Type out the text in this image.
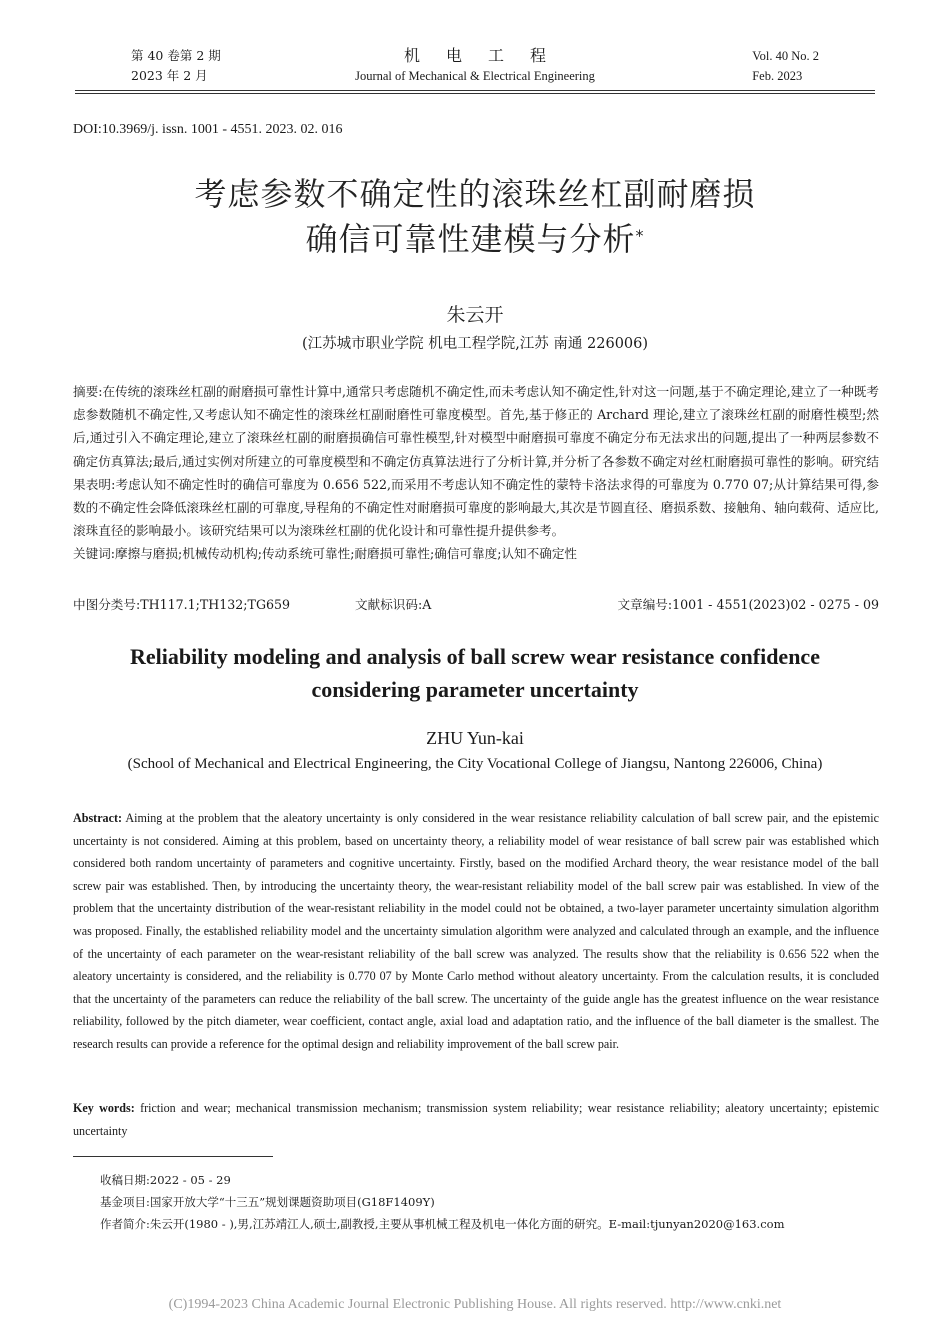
第 40 卷第 2 期
2023 年 2 月
机电工程
Journal of Mechanical & Electrical Engineering
Vol. 40 No. 2
Feb. 2023
DOI:10.3969/j. issn. 1001 - 4551. 2023. 02. 016
考虑参数不确定性的滚珠丝杠副耐磨损
确信可靠性建模与分析*
朱云开
(江苏城市职业学院 机电工程学院,江苏 南通 226006)
摘要:在传统的滚珠丝杠副的耐磨损可靠性计算中,通常只考虑随机不确定性,而未考虑认知不确定性,针对这一问题,基于不确定理论,建立了一种既考虑参数随机不确定性,又考虑认知不确定性的滚珠丝杠副耐磨性可靠度模型。首先,基于修正的 Archard 理论,建立了滚珠丝杠副的耐磨性模型;然后,通过引入不确定理论,建立了滚珠丝杠副的耐磨损确信可靠性模型,针对模型中耐磨损可靠度不确定分布无法求出的问题,提出了一种两层参数不确定仿真算法;最后,通过实例对所建立的可靠度模型和不确定仿真算法进行了分析计算,并分析了各参数不确定对丝杠耐磨损可靠性的影响。研究结果表明:考虑认知不确定性时的确信可靠度为 0.656 522,而采用不考虑认知不确定性的蒙特卡洛法求得的可靠度为 0.770 07;从计算结果可得,参数的不确定性会降低滚珠丝杠副的可靠度,导程角的不确定性对耐磨损可靠度的影响最大,其次是节圆直径、磨损系数、接触角、轴向载荷、适应比,滚珠直径的影响最小。该研究结果可以为滚珠丝杠副的优化设计和可靠性提升提供参考。
关键词:摩擦与磨损;机械传动机构;传动系统可靠性;耐磨损可靠性;确信可靠度;认知不确定性
中图分类号:TH117.1;TH132;TG659	文献标识码:A	文章编号:1001 - 4551(2023)02 - 0275 - 09
Reliability modeling and analysis of ball screw wear resistance confidence
considering parameter uncertainty
ZHU Yun-kai
(School of Mechanical and Electrical Engineering, the City Vocational College of Jiangsu, Nantong 226006, China)
Abstract: Aiming at the problem that the aleatory uncertainty is only considered in the wear resistance reliability calculation of ball screw pair, and the epistemic uncertainty is not considered. Aiming at this problem, based on uncertainty theory, a reliability model of wear resistance of ball screw pair was established which considered both random uncertainty of parameters and cognitive uncertainty. Firstly, based on the modified Archard theory, the wear resistance model of the ball screw pair was established. Then, by introducing the uncertainty theory, the wear-resistant reliability model of the ball screw pair was established. In view of the problem that the uncertainty distribution of the wear-resistant reliability in the model could not be obtained, a two-layer parameter uncertainty simulation algorithm was proposed. Finally, the established reliability model and the uncertainty simulation algorithm were analyzed and calculated through an example, and the influence of the uncertainty of each parameter on the wear-resistant reliability of the ball screw was analyzed. The results show that the reliability is 0.656 522 when the aleatory uncertainty is considered, and the reliability is 0.770 07 by Monte Carlo method without aleatory uncertainty. From the calculation results, it is concluded that the uncertainty of the parameters can reduce the reliability of the ball screw. The uncertainty of the guide angle has the greatest influence on the wear resistance reliability, followed by the pitch diameter, wear coefficient, contact angle, axial load and adaptation ratio, and the influence of the ball diameter is the smallest. The research results can provide a reference for the optimal design and reliability improvement of the ball screw pair.
Key words: friction and wear; mechanical transmission mechanism; transmission system reliability; wear resistance reliability; aleatory uncertainty; epistemic uncertainty
收稿日期:2022 - 05 - 29
基金项目:国家开放大学“十三五”规划课题资助项目(G18F1409Y)
作者简介:朱云开(1980 - ),男,江苏靖江人,硕士,副教授,主要从事机械工程及机电一体化方面的研究。E-mail:tjunyan2020@163.com
(C)1994-2023 China Academic Journal Electronic Publishing House. All rights reserved. http://www.cnki.net
